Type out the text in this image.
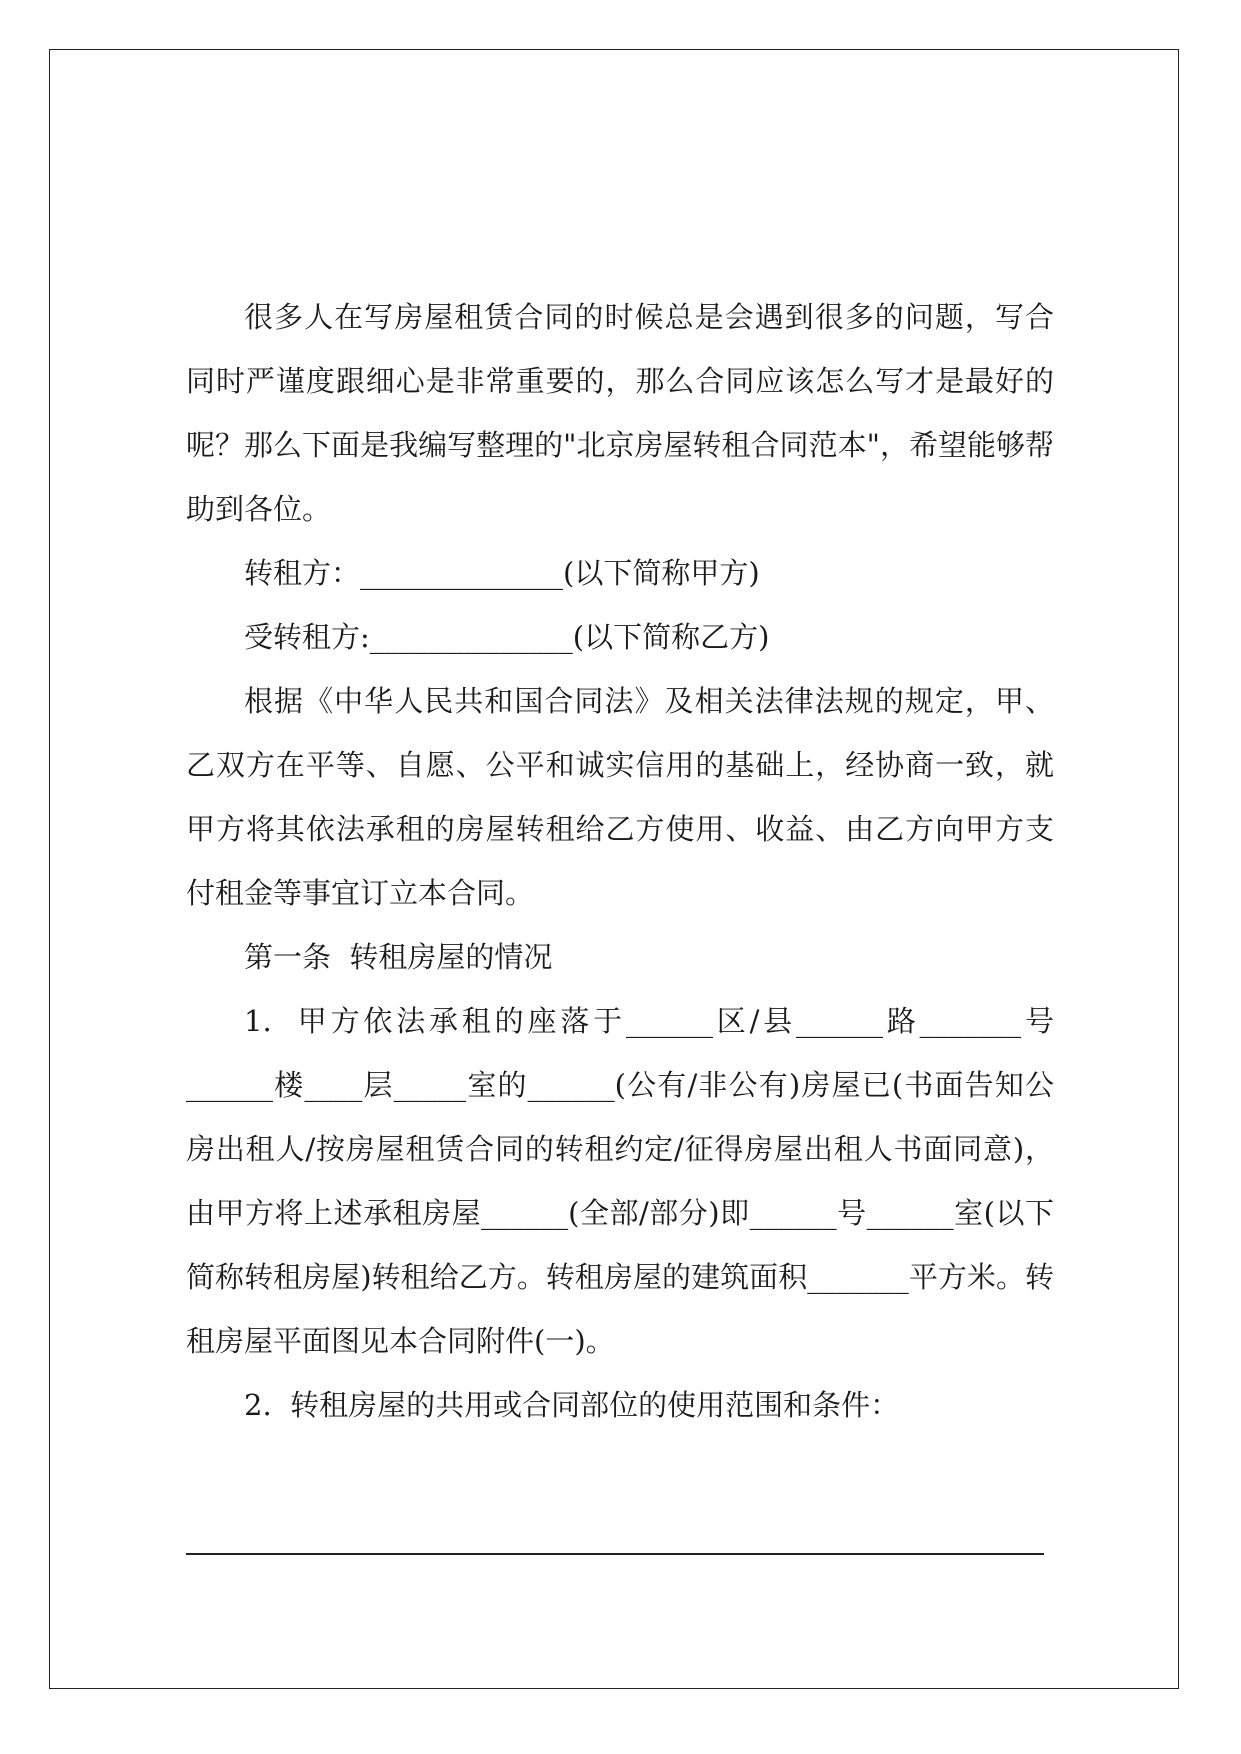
很多人在写房屋租赁合同的时候总是会遇到很多的问题，写合同时严谨度跟细心是非常重要的，那么合同应该怎么写才是最好的呢？那么下面是我编写整理的"北京房屋转租合同范本"，希望能够帮助到各位。

转租方：______________(以下简称甲方)

受转租方:______________(以下简称乙方)

根据《中华人民共和国合同法》及相关法律法规的规定，甲、乙双方在平等、自愿、公平和诚实信用的基础上，经协商一致，就甲方将其依法承租的房屋转租给乙方使用、收益、由乙方向甲方支付租金等事宜订立本合同。

第一条  转租房屋的情况

1.  甲方依法承租的座落于______区/县______路_______号______楼____层_____室的______(公有/非公有)房屋已(书面告知公房出租人/按房屋租赁合同的转租约定/征得房屋出租人书面同意)，由甲方将上述承租房屋______(全部/部分)即______号______室(以下简称转租房屋)转租给乙方。转租房屋的建筑面积_______平方米。转租房屋平面图见本合同附件(一)。

2.  转租房屋的共用或合同部位的使用范围和条件：
